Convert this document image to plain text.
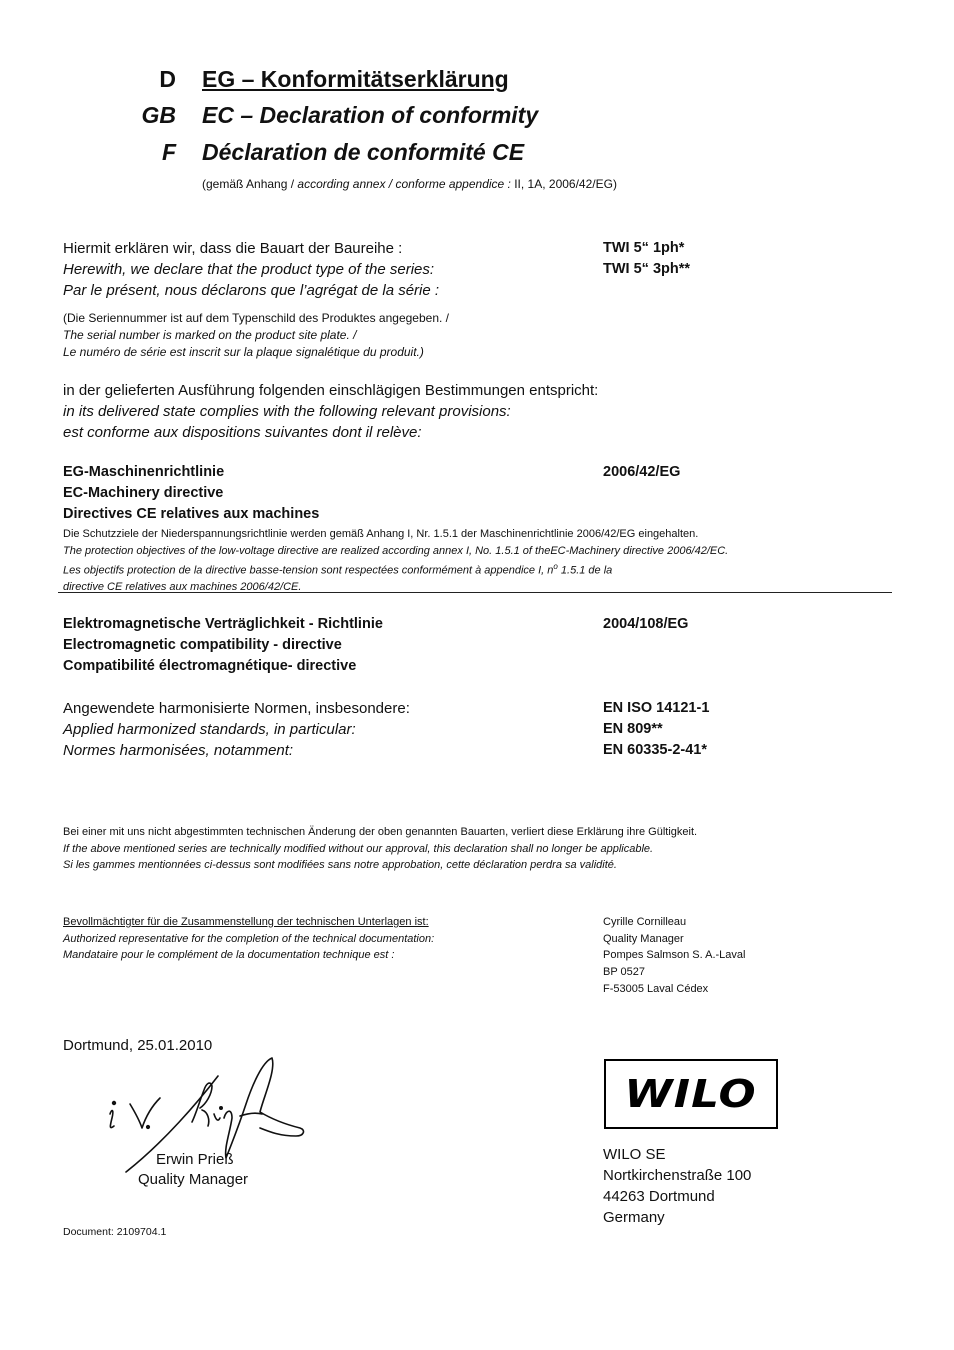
D EG – Konformitätserklärung
GB EC – Declaration of conformity
F Déclaration de conformité CE
(gemäß Anhang / according annex / conforme appendice : II, 1A, 2006/42/EG)
Hiermit erklären wir, dass die Bauart der Baureihe :
Herewith, we declare that the product type of the series:
Par le présent, nous déclarons que l’agrégat de la série :
TWI 5“ 1ph*
TWI 5“ 3ph**
(Die Seriennummer ist auf dem Typenschild des Produktes angegeben. /
The serial number is marked on the product site plate. /
Le numéro de série est inscrit sur la plaque signalétique du produit.)
in der gelieferten Ausführung folgenden einschlägigen Bestimmungen entspricht:
in its delivered state complies with the following relevant provisions:
est conforme aux dispositions suivantes dont il relève:
EG-Maschinenrichtlinie
EC-Machinery directive
Directives CE relatives aux machines
2006/42/EG
Die Schutzziele der Niederspannungsrichtlinie werden gemäß Anhang I, Nr. 1.5.1 der Maschinenrichtlinie 2006/42/EG eingehalten.
The protection objectives of the low-voltage directive are realized according annex I, No. 1.5.1 of theEC-Machinery directive 2006/42/EC.
Les objectifs protection de la directive basse-tension sont respectées conformément à appendice I, $n^o$ 1.5.1 de la
directive CE relatives aux machines 2006/42/CE.
Elektromagnetische Verträglichkeit - Richtlinie
Electromagnetic compatibility - directive
Compatibilité électromagnétique- directive
2004/108/EG
Angewendete harmonisierte Normen, insbesondere:
Applied harmonized standards, in particular:
Normes harmonisées, notamment:
EN ISO 14121-1
EN 809**
EN 60335-2-41*
Bei einer mit uns nicht abgestimmten technischen Änderung der oben genannten Bauarten, verliert diese Erklärung ihre Gültigkeit.
If the above mentioned series are technically modified without our approval, this declaration shall no longer be applicable.
Si les gammes mentionnées ci-dessus sont modifiées sans notre approbation, cette déclaration perdra sa validité.
Bevollmächtigter für die Zusammenstellung der technischen Unterlagen ist:
Authorized representative for the completion of the technical documentation:
Mandataire pour le complément de la documentation technique est :
Cyrille Cornilleau
Quality Manager
Pompes Salmson S. A.-Laval
BP 0527
F-53005 Laval Cédex
Dortmund, 25.01.2010
Erwin Prieß
Quality Manager
WILO
WILO SE
Nortkirchenstraße 100
44263 Dortmund
Germany
Document: 2109704.1
